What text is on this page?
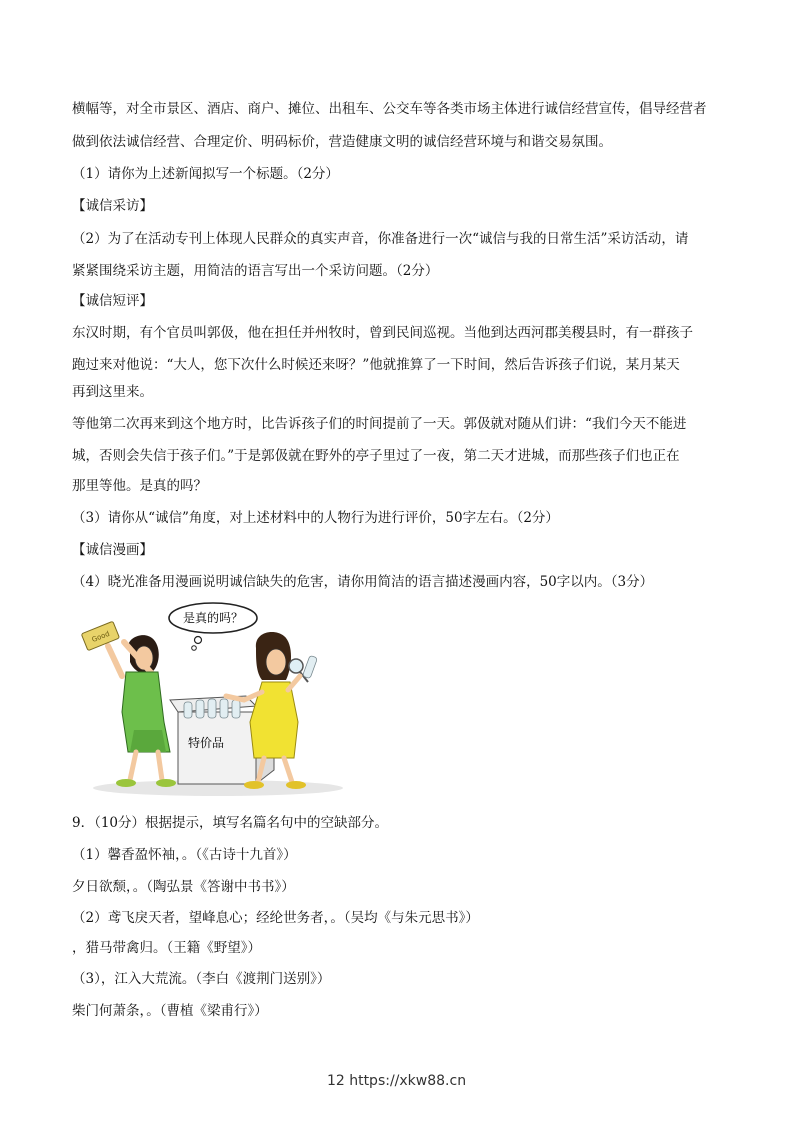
横幅等，对全市景区、酒店、商户、摊位、出租车、公交车等各类市场主体进行诚信经营宣传，倡导经营者
做到依法诚信经营、合理定价、明码标价，营造健康文明的诚信经营环境与和谐交易氛围。
（1）请你为上述新闻拟写一个标题。（2分）
【诚信采访】
（2）为了在活动专刊上体现人民群众的真实声音，你准备进行一次“诚信与我的日常生活”采访活动，请
紧紧围绕采访主题，用简洁的语言写出一个采访问题。（2分）
【诚信短评】
东汉时期，有个官员叫郭伋，他在担任并州牧时，曾到民间巡视。当他到达西河郡美稷县时，有一群孩子
跑过来对他说：“大人，您下次什么时候还来呀？”他就推算了一下时间，然后告诉孩子们说，某月某天
再到这里来。
等他第二次再来到这个地方时，比告诉孩子们的时间提前了一天。郭伋就对随从们讲：“我们今天不能进
城，否则会失信于孩子们。”于是郭伋就在野外的亭子里过了一夜，第二天才进城，而那些孩子们也正在
那里等他。是真的吗？
（3）请你从“诚信”角度，对上述材料中的人物行为进行评价，50字左右。（2分）
【诚信漫画】
（4）晓光准备用漫画说明诚信缺失的危害，请你用简洁的语言描述漫画内容，50字以内。（3分）
是真的吗？
Good
特价品
9．（10分）根据提示，填写名篇名句中的空缺部分。
（1）馨香盈怀袖，。（《古诗十九首》）
夕日欲颓，。（陶弘景《答谢中书书》）
（2）鸢飞戾天者，望峰息心；经纶世务者，。（吴均《与朱元思书》）
，猎马带禽归。（王籍《野望》）
（3），江入大荒流。（李白《渡荆门送别》）
柴门何萧条，。（曹植《梁甫行》）
12 https://xkw88.cn
